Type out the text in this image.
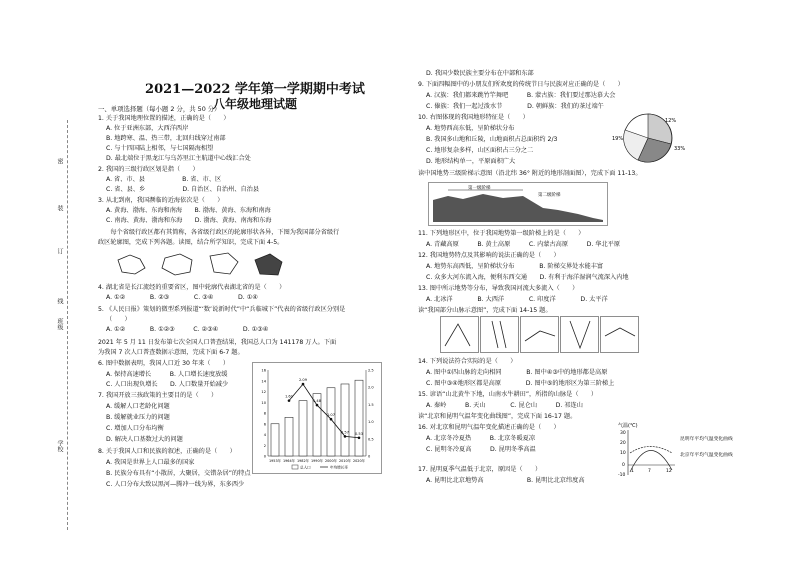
密
装
订
线
班级
学校
2021—2022 学年第一学期期中考试
八年级地理试题
一、单项选择题（每小题 2 分，共 50 分）
1. 关于我国地理位置的描述，正确的是（　　）
A. 位于亚洲东部，大西洋西岸
B. 地跨寒、温、热三带，北回归线穿过南部
C. 与十四国陆上相邻，与七国隔海相望
D. 最北端位于黑龙江与乌苏里江主航道中心线汇合处
2. 我国的三级行政区划是指（　　）
A. 省、市、县　　　　　　B. 省、市、区
C. 省、县、乡　　　　　　D. 自治区、自治州、自治县
3. 从北到南，我国濒临的近海依次是（　　）
A. 黄海、渤海、东海和南海　　B. 渤海、黄海、东海和南海
C. 南海、黄海、渤海和东海　　D. 渤海、黄海、南海和东海
　　每个省级行政区都有其简称，各省级行政区的轮廓形状各异，下图为我国部分省级行
政区轮廓图，完成下列各题。读图，结合所学知识，完成下面 4-5。
4. 湖北省是长江流经的重要省区，图中轮廓代表湖北省的是（　　）
A. ①②　　　　B. ②③　　　　C. ③④　　　　D. ①④
5. 《人民日报》策划的微型系列报道“‘数’说新时代”中“兵临城下”代表的省级行政区分别是
（　　）
A. ①②　　　　B. ①②③　　　C. ②③④　　　　D. ①③④
2021 年 5 月 11 日发布第七次全国人口普查结果，我国总人口为 141178 万人。下面
为我国 7 次人口普查数据示意图，完成下面 6-7 题。
6. 图中数据表明，我国人口近 30 年来（　　）
A. 保持高速增长　　　B. 人口增长速度放缓
C. 人口出现负增长　　D. 人口数量开始减少
7. 我国开放三孩政策的主要目的是（　　）
A. 缓解人口老龄化问题
B. 缓解就业压力的问题
C. 增加人口分布均衡
D. 解决人口基数过大的问题
8. 关于我国人口和民族的叙述，正确的是（　　）
A. 我国是世界上人口最多的国家
B. 民族分布具有“小散居，大聚居，交错杂居”的特点
C. 人口分布大致以黑河—腾冲一线为界，东多西少
0
2
4
6
8
10
12
14
16
0
0.5
1.0
1.5
2.0
2.5
1953年 1964年 1982年 1990年 2000年 2010年 2020年
1.61
2.09
1.48
1.07
0.57 0.53
总人口	年均增长率
D. 我国少数民族主要分布在中部和东部
9. 下面四幅图中的小朋友们所欢度的传统节日与民族对应正确的是（　　）
A. 汉族：我们都来跳竹竿舞吧　　　B. 蒙古族：我们要过那达慕大会
C. 傣族：我们一起过泼水节　　　　D. 朝鲜族：我们的茶过端午
10. 右图体现的我国地形特征是（　　）
A. 地势西高东低，呈阶梯状分布
B. 我国多山地和丘陵，山地面积占总面积约 2/3
C. 地形复杂多样，山区面积占三分之二
D. 地形结构单一，平原面积广大
12%
33%
19%
读中国地势三级阶梯示意图（沿北纬 36° 附近的地形剖面图），完成下面 11-13。
第一级阶梯
第二级阶梯
11. 下列地形区中，位于我国地势第一级阶梯上的是（　　）
A. 青藏高原　　　B. 黄土高原　　　C. 内蒙古高原　　　D. 华北平原
12. 我国地势特点及其影响的说法正确的是（　　）
A. 地势东高西低，呈阶梯状分布　　　　B. 阶梯交界处水能丰富
C. 众多大河东流入海，便利东西交通　　D. 有利于海洋湿润气流深入内地
13. 图中所示地势等分布，导致我国河流大多流入（　　）
A. 北冰洋　　　　B. 大西洋　　　　C. 印度洋　　　　D. 太平洋
读“我国部分山脉示意图”，完成下面 14-15 题。
14. 下列说法符合实际的是（　　）
A. 图中①四山脉的走向相同　　　　B. 图中④③中的地形都是高原
C. 图中③④地形区都是高原　　　　D. 图中⑤的地形区为第三阶梯上
15. 谚语“山北黄牛下地，山南水牛耕田”，所指的山脉是（　　）
A. 秦岭　　　B. 天山　　　　C. 昆仑山　　　D. 祁连山
读“北京和昆明气温年变化曲线图”，完成下面 16-17 题。
16. 对北京和昆明气温年变化描述正确的是（　　）
A. 北京冬冷夏热　　　B. 北京冬暖夏凉
C. 昆明冬冷夏高　　　D. 昆明冬季高温
17. 昆明夏季气温低于北京，原因是（　　）
A. 昆明比北京地势高　　　　　　　B. 昆明比北京纬度高
气温(℃)
30
20
10
0
-10
1	7	12
昆明年平均气温变化曲线
北京年平均气温变化曲线
